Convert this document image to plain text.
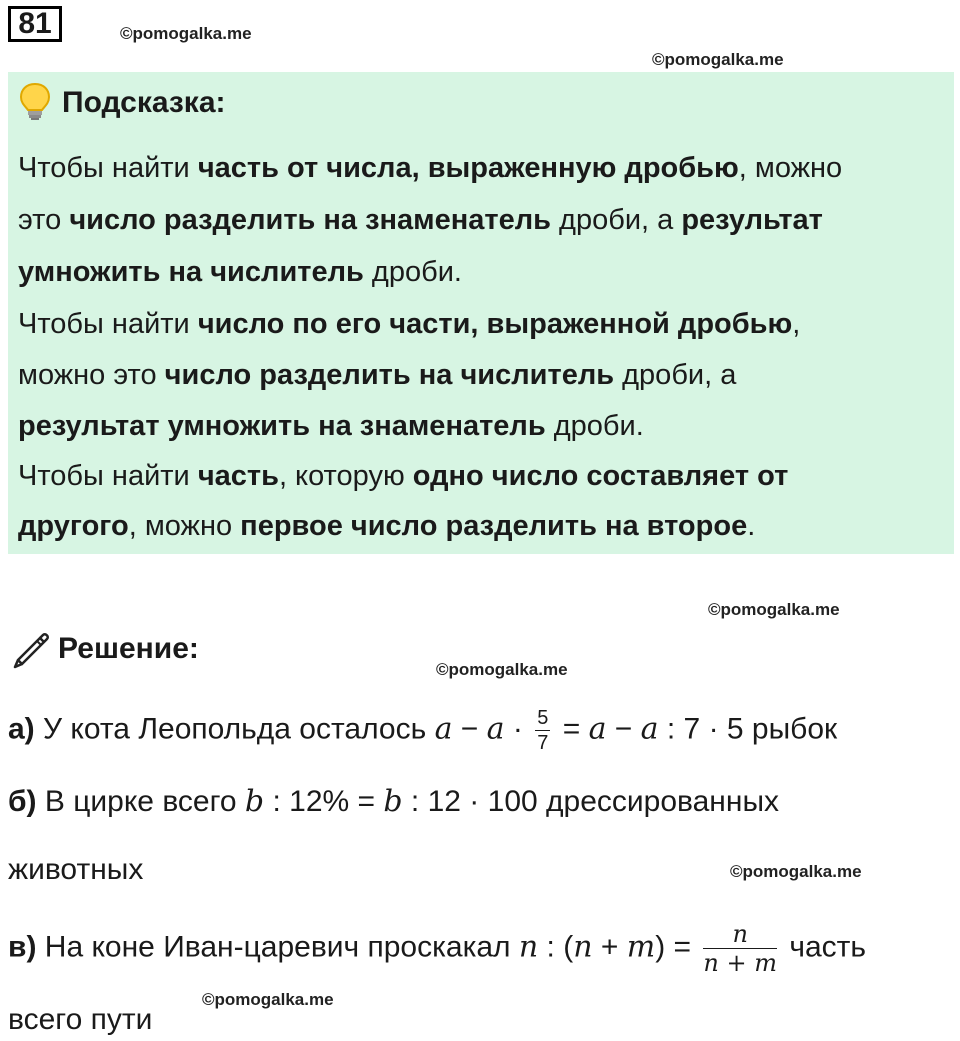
81	©pomogalka.me
©pomogalka.me
Подсказка:
Чтобы найти часть от числа, выраженную дробью, можно
это число разделить на знаменатель дроби, а результат
умножить на числитель дроби.
Чтобы найти число по его части, выраженной дробью,
можно это число разделить на числитель дроби, а
результат умножить на знаменатель дроби.
Чтобы найти часть, которую одно число составляет от
другого, можно первое число разделить на второе.
©pomogalka.me
©pomogalka.me
Решение:
а) У кота Леопольда осталось $a - a \cdot \frac{5}{7} = a - a$ : 7 · 5 рыбок
б) В цирке всего b : 12% = b : 12 · 100 дрессированных
животных	©pomogalka.me
в) На коне Иван-царевич проскакал n : $(n + m) = \frac{n}{n + m}$ часть
всего пути
©pomogalka.me
